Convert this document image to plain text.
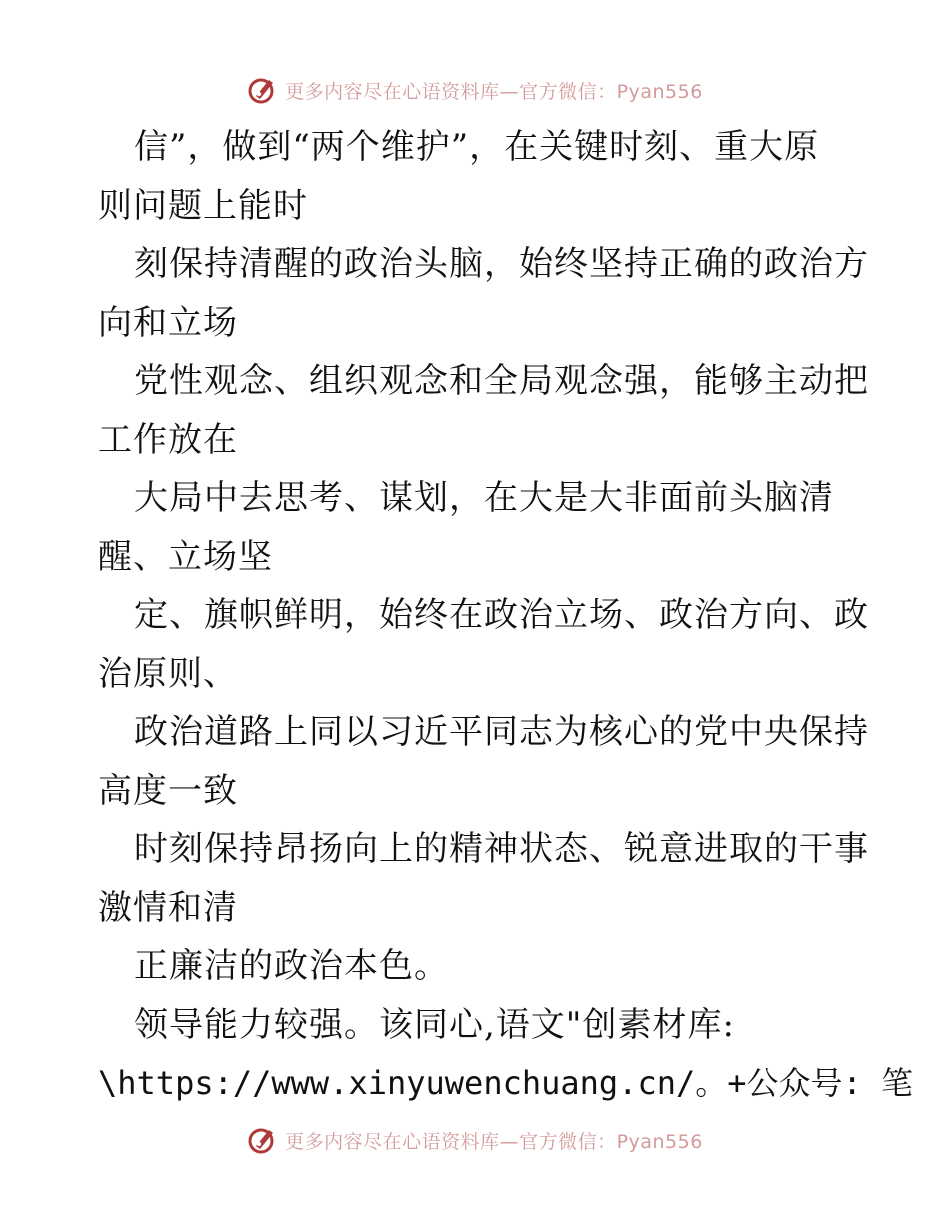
更多内容尽在心语资料库—官方微信：Pyan556
信”，做到“两个维护”，在关键时刻、重大原
则问题上能时
刻保持清醒的政治头脑，始终坚持正确的政治方
向和立场
党性观念、组织观念和全局观念强，能够主动把
工作放在
大局中去思考、谋划，在大是大非面前头脑清
醒、立场坚
定、旗帜鲜明，始终在政治立场、政治方向、政
治原则、
政治道路上同以习近平同志为核心的党中央保持
高度一致
时刻保持昂扬向上的精神状态、锐意进取的干事
激情和清
正廉洁的政治本色。
领导能力较强。该同心,语文"创素材库:
\https://www.xinyuwenchuang.cn/。+公众号: 笔
更多内容尽在心语资料库—官方微信：Pyan556
